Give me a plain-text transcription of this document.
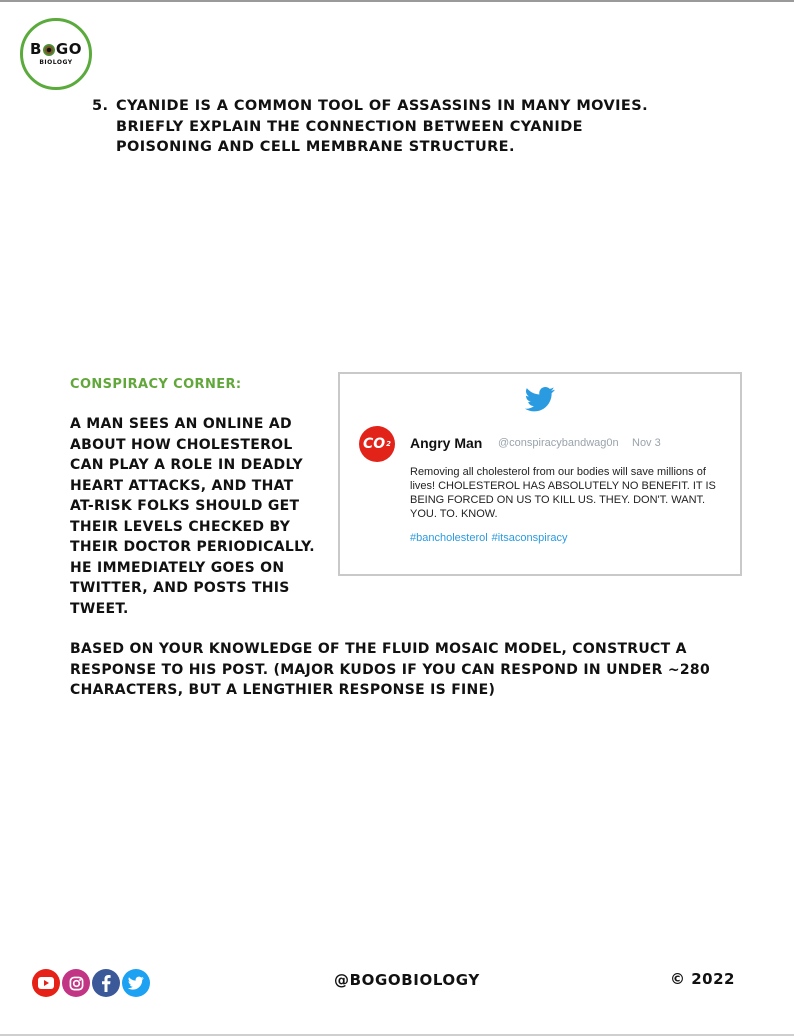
B GO
BIOLOGY
5. CYANIDE IS A COMMON TOOL OF ASSASSINS IN MANY MOVIES. BRIEFLY EXPLAIN THE CONNECTION BETWEEN CYANIDE POISONING AND CELL MEMBRANE STRUCTURE.
CONSPIRACY CORNER:
A MAN SEES AN ONLINE AD ABOUT HOW CHOLESTEROL CAN PLAY A ROLE IN DEADLY HEART ATTACKS, AND THAT AT-RISK FOLKS SHOULD GET THEIR LEVELS CHECKED BY THEIR DOCTOR PERIODICALLY. HE IMMEDIATELY GOES ON TWITTER, AND POSTS THIS TWEET.
CO 2 Angry Man @conspiracybandwag0n Nov 3
Removing all cholesterol from our bodies will save millions of lives! CHOLESTEROL HAS ABSOLUTELY NO BENEFIT. IT IS BEING FORCED ON US TO KILL US. THEY. DON'T. WANT. YOU. TO. KNOW.
#bancholesterol #itsaconspiracy
BASED ON YOUR KNOWLEDGE OF THE FLUID MOSAIC MODEL, CONSTRUCT A RESPONSE TO HIS POST. (MAJOR KUDOS IF YOU CAN RESPOND IN UNDER ~280 CHARACTERS, BUT A LENGTHIER RESPONSE IS FINE)
@BOGOBIOLOGY	© 2022
